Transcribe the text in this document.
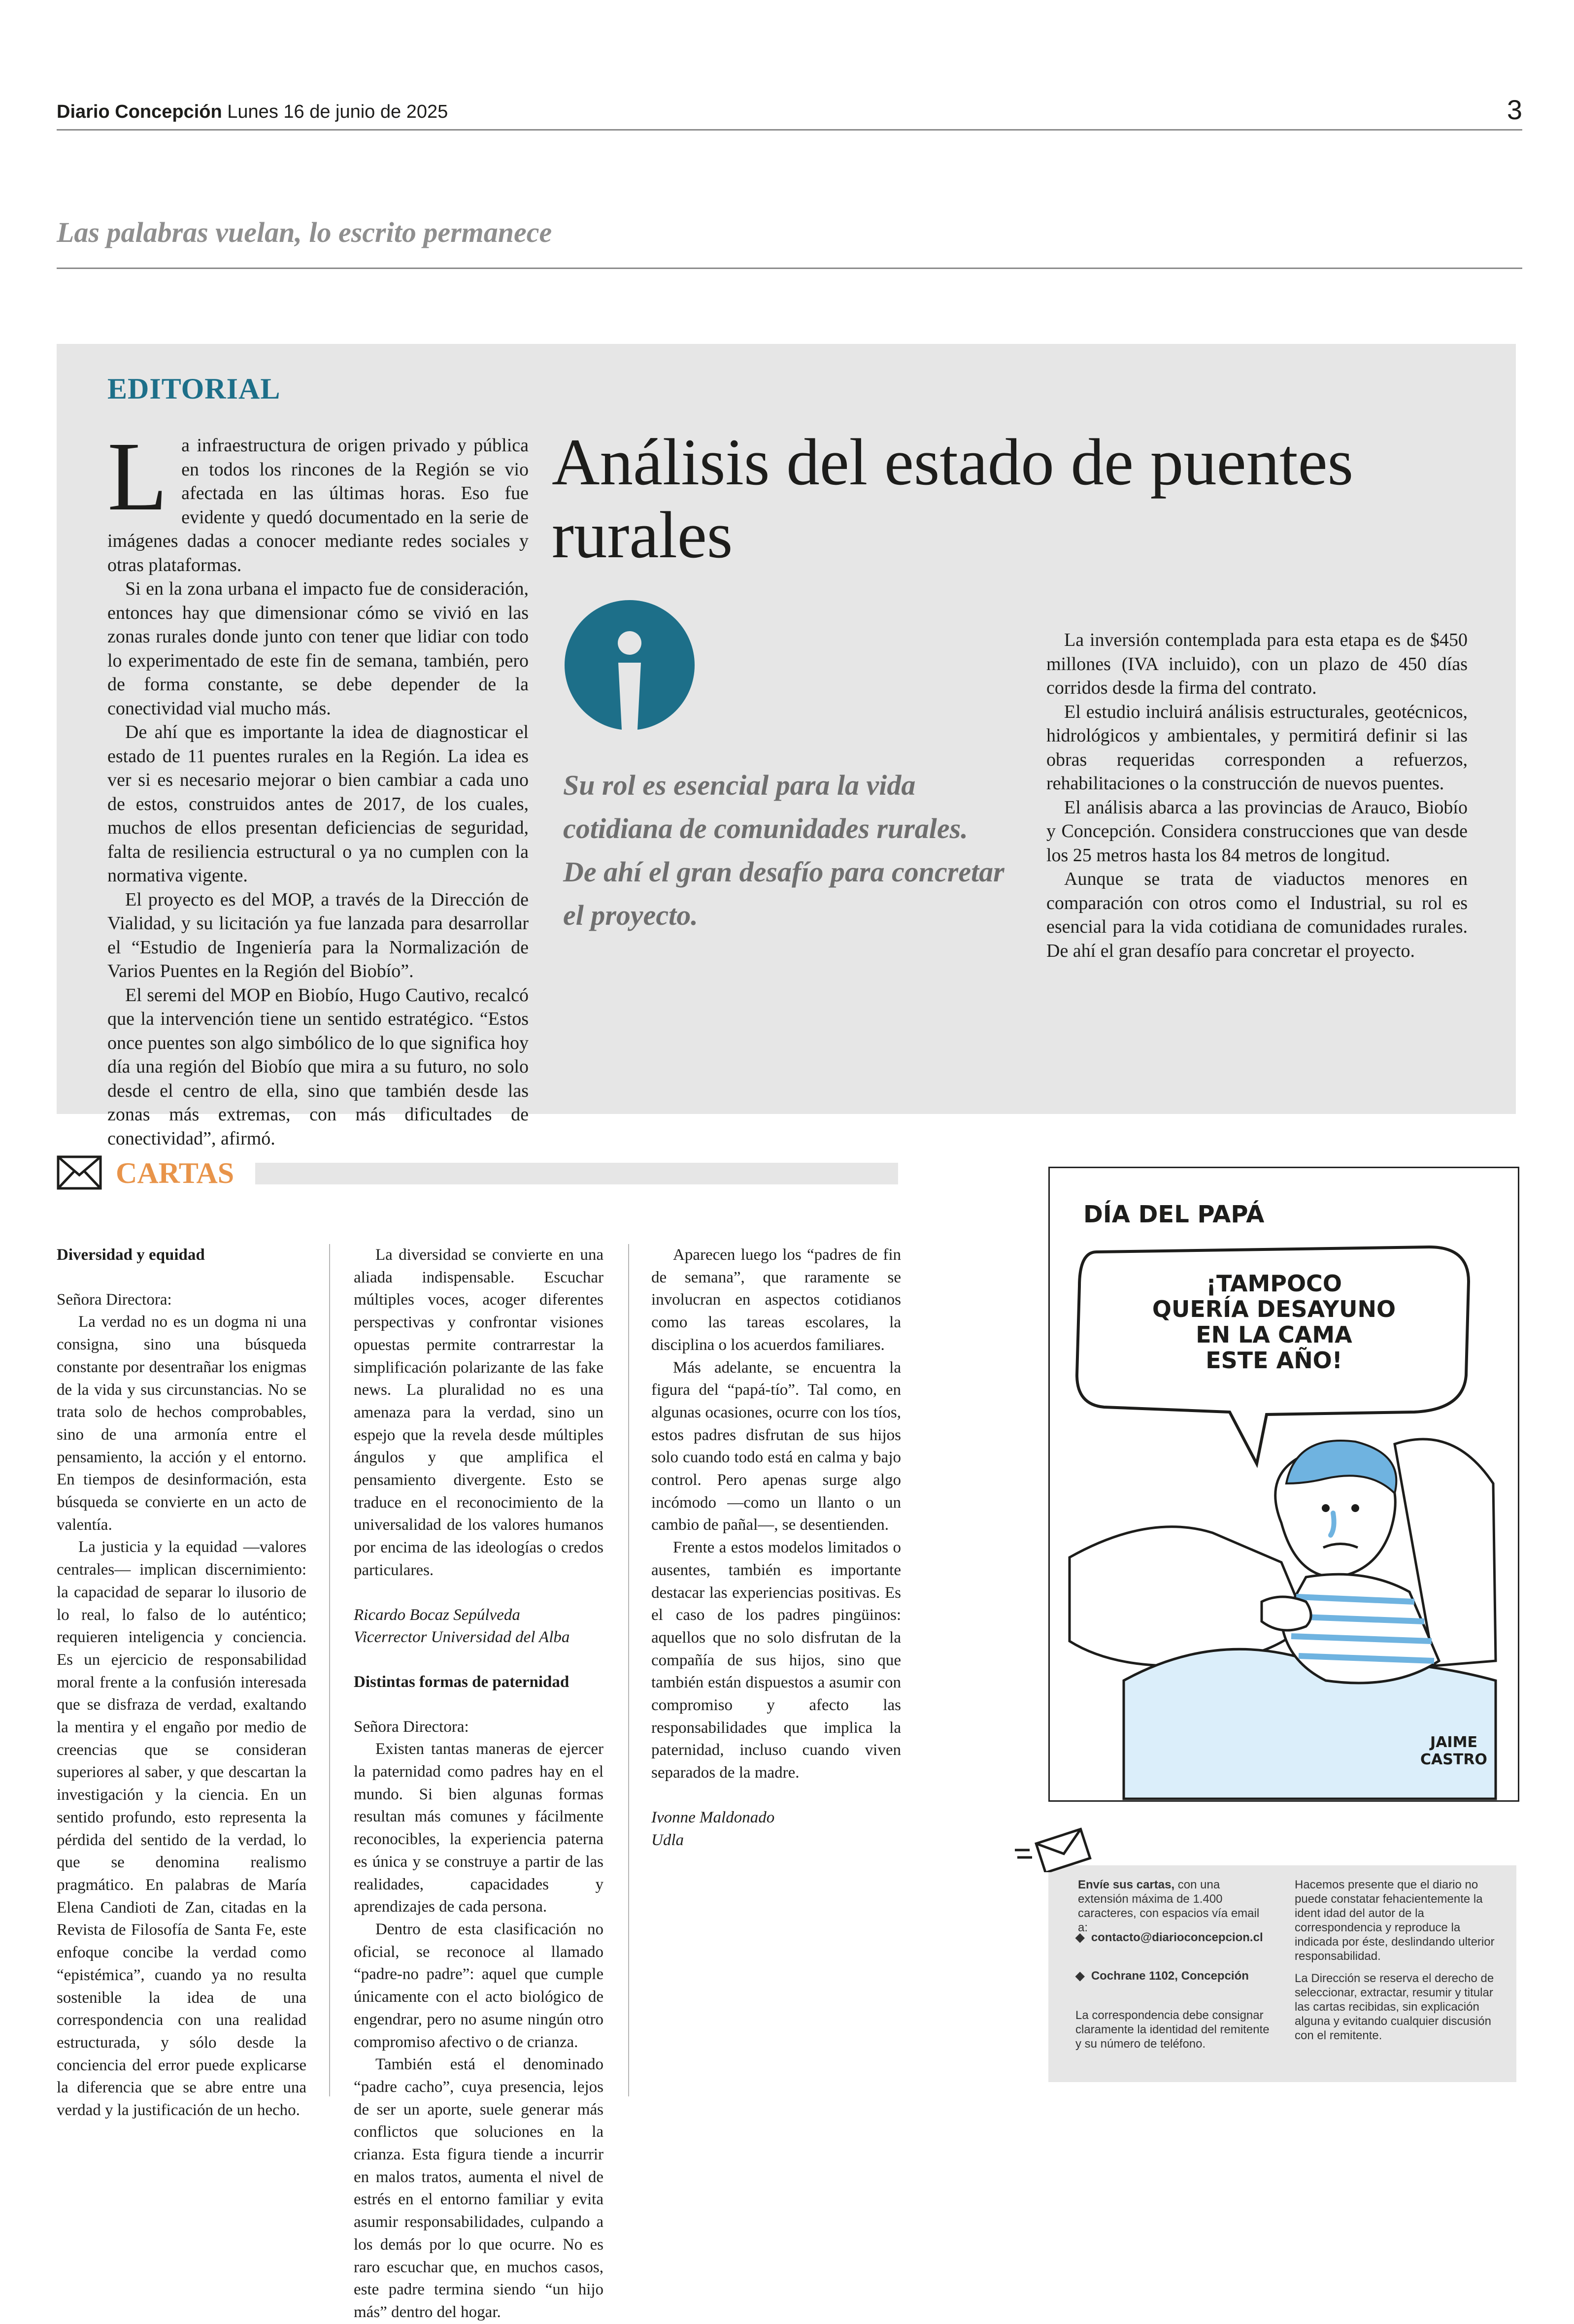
Diario Concepción Lunes 16 de junio de 2025	3
Las palabras vuelan, lo escrito permanece
EDITORIAL

La infraestructura de origen privado y pública en todos los rincones de la Región se vio afectada en las últimas horas. Eso fue evidente y quedó documentado en la serie de imágenes dadas a conocer mediante redes sociales y otras plataformas.

Si en la zona urbana el impacto fue de consideración, entonces hay que dimensionar cómo se vivió en las zonas rurales donde junto con tener que lidiar con todo lo experimentado de este fin de semana, también, pero de forma constante, se debe depender de la conectividad vial mucho más.

De ahí que es importante la idea de diagnosticar el estado de 11 puentes rurales en la Región. La idea es ver si es necesario mejorar o bien cambiar a cada uno de estos, construidos antes de 2017, de los cuales, muchos de ellos presentan deficiencias de seguridad, falta de resiliencia estructural o ya no cumplen con la normativa vigente.

El proyecto es del MOP, a través de la Dirección de Vialidad, y su licitación ya fue lanzada para desarrollar el “Estudio de Ingeniería para la Normalización de Varios Puentes en la Región del Biobío”.

El seremi del MOP en Biobío, Hugo Cautivo, recalcó que la intervención tiene un sentido estratégico. “Estos once puentes son algo simbólico de lo que significa hoy día una región del Biobío que mira a su futuro, no solo desde el centro de ella, sino que también desde las zonas más extremas, con más dificultades de conectividad”, afirmó.

Análisis del estado de puentes rurales
Su rol es esencial para la vida cotidiana de comunidades rurales. De ahí el gran desafío para concretar el proyecto.

La inversión contemplada para esta etapa es de $450 millones (IVA incluido), con un plazo de 450 días corridos desde la firma del contrato.

El estudio incluirá análisis estructurales, geotécnicos, hidrológicos y ambientales, y permitirá definir si las obras requeridas corresponden a refuerzos, rehabilitaciones o la construcción de nuevos puentes.

El análisis abarca a las provincias de Arauco, Biobío y Concepción. Considera construcciones que van desde los 25 metros hasta los 84 metros de longitud.

Aunque se trata de viaductos menores en comparación con otros como el Industrial, su rol es esencial para la vida cotidiana de comunidades rurales. De ahí el gran desafío para concretar el proyecto.

CARTAS

Diversidad y equidad

Señora Directora:

La verdad no es un dogma ni una consigna, sino una búsqueda constante por desentrañar los enigmas de la vida y sus circunstancias. No se trata solo de hechos comprobables, sino de una armonía entre el pensamiento, la acción y el entorno. En tiempos de desinformación, esta búsqueda se convierte en un acto de valentía.

La justicia y la equidad —valores centrales— implican discernimiento: la capacidad de separar lo ilusorio de lo real, lo falso de lo auténtico; requieren inteligencia y conciencia. Es un ejercicio de responsabilidad moral frente a la confusión interesada que se disfraza de verdad, exaltando la mentira y el engaño por medio de creencias que se consideran superiores al saber, y que descartan la investigación y la ciencia. En un sentido profundo, esto representa la pérdida del sentido de la verdad, lo que se denomina realismo pragmático. En palabras de María Elena Candioti de Zan, citadas en la Revista de Filosofía de Santa Fe, este enfoque concibe la verdad como “epistémica”, cuando ya no resulta sostenible la idea de una correspondencia con una realidad estructurada, y sólo desde la conciencia del error puede explicarse la diferencia que se abre entre una verdad y la justificación de un hecho.

La diversidad se convierte en una aliada indispensable. Escuchar múltiples voces, acoger diferentes perspectivas y confrontar visiones opuestas permite contrarrestar la simplificación polarizante de las fake news. La pluralidad no es una amenaza para la verdad, sino un espejo que la revela desde múltiples ángulos y que amplifica el pensamiento divergente. Esto se traduce en el reconocimiento de la universalidad de los valores humanos por encima de las ideologías o credos particulares.

Ricardo Bocaz Sepúlveda

Vicerrector Universidad del Alba

Distintas formas de paternidad

Señora Directora:

Existen tantas maneras de ejercer la paternidad como padres hay en el mundo. Si bien algunas formas resultan más comunes y fácilmente reconocibles, la experiencia paterna es única y se construye a partir de las realidades, capacidades y aprendizajes de cada persona.

Dentro de esta clasificación no oficial, se reconoce al llamado “padre-no padre”: aquel que cumple únicamente con el acto biológico de engendrar, pero no asume ningún otro compromiso afectivo o de crianza.

También está el denominado “padre cacho”, cuya presencia, lejos de ser un aporte, suele generar más conflictos que soluciones en la crianza. Esta figura tiende a incurrir en malos tratos, aumenta el nivel de estrés en el entorno familiar y evita asumir responsabilidades, culpando a los demás por lo que ocurre. No es raro escuchar que, en muchos casos, este padre termina siendo “un hijo más” dentro del hogar.

Aparecen luego los “padres de fin de semana”, que raramente se involucran en aspectos cotidianos como las tareas escolares, la disciplina o los acuerdos familiares.

Más adelante, se encuentra la figura del “papá-tío”. Tal como, en algunas ocasiones, ocurre con los tíos, estos padres disfrutan de sus hijos solo cuando todo está en calma y bajo control. Pero apenas surge algo incómodo —como un llanto o un cambio de pañal—, se desentienden.

Frente a estos modelos limitados o ausentes, también es importante destacar las experiencias positivas. Es el caso de los padres pingüinos: aquellos que no solo disfrutan de la compañía de sus hijos, sino que también están dispuestos a asumir con compromiso y afecto las responsabilidades que implica la paternidad, incluso cuando viven separados de la madre.

Ivonne Maldonado

Udla

DÍA DEL PAPÁ
¡TAMPOCO
QUERÍA DESAYUNO
EN LA CAMA
ESTE AÑO!
JAIME
CASTRO
Envíe sus cartas, con una extensión máxima de 1.400 caracteres, con espacios vía email a:
◆ contacto@diarioconcepcion.cl
◆ Cochrane 1102, Concepción
La correspondencia debe consignar claramente la identidad del remitente y su número de teléfono.
Hacemos presente que el diario no puede constatar fehacientemente la ident idad del autor de la correspondencia y reproduce la indicada por éste, deslindando ulterior responsabilidad.
La Dirección se reserva el derecho de seleccionar, extractar, resumir y titular las cartas recibidas, sin explicación alguna y evitando cualquier discusión con el remitente.
